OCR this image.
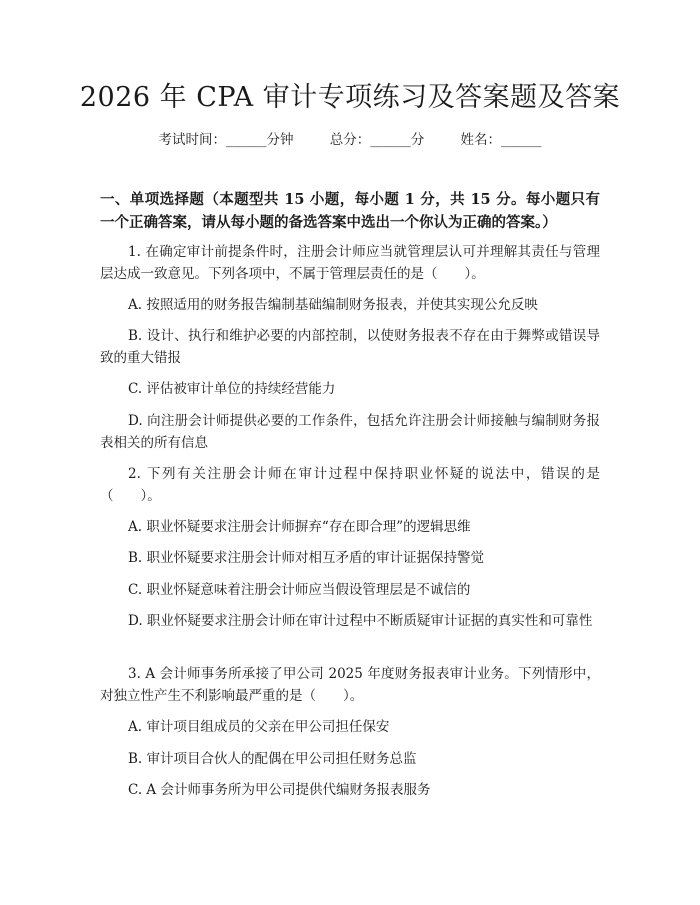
2026 年 CPA 审计专项练习及答案题及答案
考试时间：______分钟	总分：______分	姓名：______
一、单项选择题（本题型共 15 小题，每小题 1 分，共 15 分。每小题只有一个正确答案，请从每小题的备选答案中选出一个你认为正确的答案。）
1. 在确定审计前提条件时，注册会计师应当就管理层认可并理解其责任与管理层达成一致意见。下列各项中，不属于管理层责任的是（　　）。
A. 按照适用的财务报告编制基础编制财务报表，并使其实现公允反映
B. 设计、执行和维护必要的内部控制，以使财务报表不存在由于舞弊或错误导致的重大错报
C. 评估被审计单位的持续经营能力
D. 向注册会计师提供必要的工作条件，包括允许注册会计师接触与编制财务报表相关的所有信息
2. 下列有关注册会计师在审计过程中保持职业怀疑的说法中，错误的是（　　）。
A. 职业怀疑要求注册会计师摒弃“存在即合理”的逻辑思维
B. 职业怀疑要求注册会计师对相互矛盾的审计证据保持警觉
C. 职业怀疑意味着注册会计师应当假设管理层是不诚信的
D. 职业怀疑要求注册会计师在审计过程中不断质疑审计证据的真实性和可靠性
3. A 会计师事务所承接了甲公司 2025 年度财务报表审计业务。下列情形中，对独立性产生不利影响最严重的是（　　）。
A. 审计项目组成员的父亲在甲公司担任保安
B. 审计项目合伙人的配偶在甲公司担任财务总监
C. A 会计师事务所为甲公司提供代编财务报表服务
